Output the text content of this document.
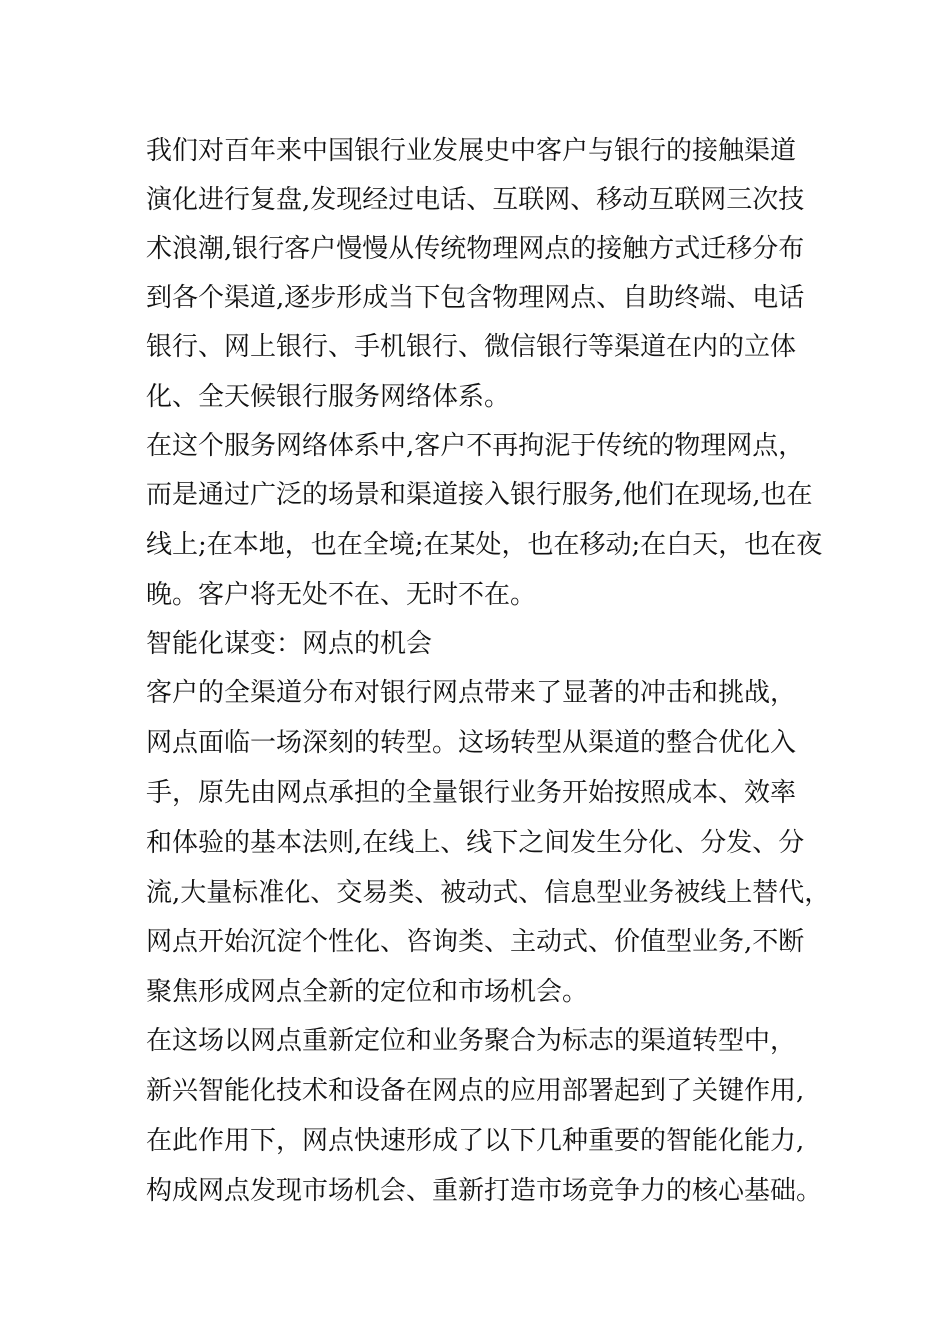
我们对百年来中国银行业发展史中客户与银行的接触渠道
演化进行复盘,发现经过电话、互联网、移动互联网三次技
术浪潮,银行客户慢慢从传统物理网点的接触方式迁移分布
到各个渠道,逐步形成当下包含物理网点、自助终端、电话
银行、网上银行、手机银行、微信银行等渠道在内的立体
化、全天候银行服务网络体系。
在这个服务网络体系中,客户不再拘泥于传统的物理网点，
而是通过广泛的场景和渠道接入银行服务,他们在现场,也在
线上;在本地，也在全境;在某处，也在移动;在白天，也在夜
晚。客户将无处不在、无时不在。
智能化谋变：网点的机会
客户的全渠道分布对银行网点带来了显著的冲击和挑战，
网点面临一场深刻的转型。这场转型从渠道的整合优化入
手，原先由网点承担的全量银行业务开始按照成本、效率
和体验的基本法则,在线上、线下之间发生分化、分发、分
流,大量标准化、交易类、被动式、信息型业务被线上替代，
网点开始沉淀个性化、咨询类、主动式、价值型业务,不断
聚焦形成网点全新的定位和市场机会。
在这场以网点重新定位和业务聚合为标志的渠道转型中，
新兴智能化技术和设备在网点的应用部署起到了关键作用,
在此作用下，网点快速形成了以下几种重要的智能化能力,
构成网点发现市场机会、重新打造市场竞争力的核心基础。
